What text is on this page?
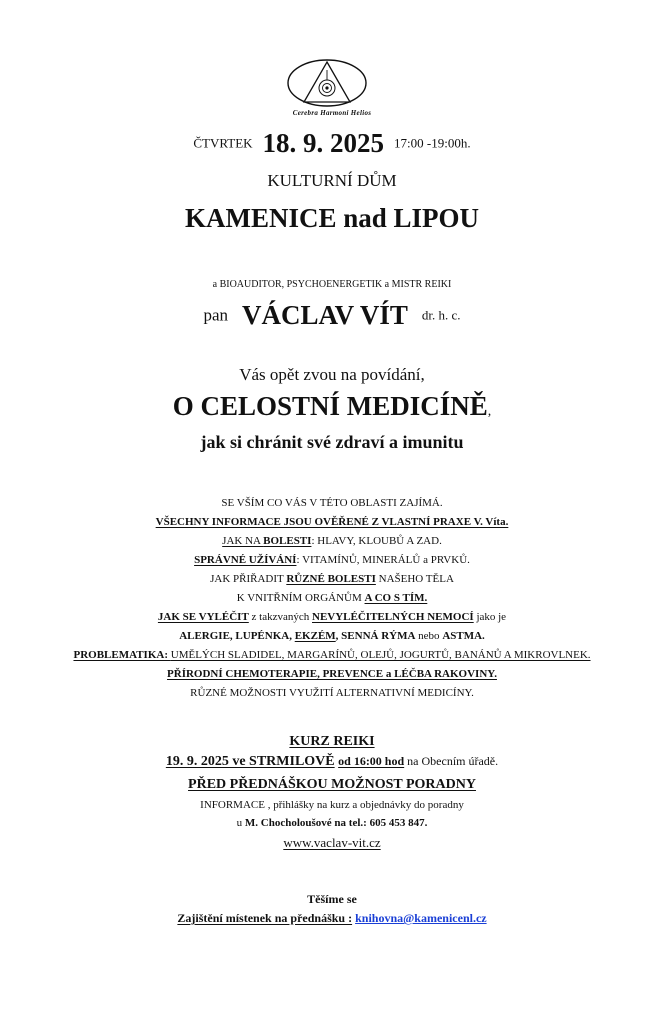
Cerebra Harmoni Helios
ČTVRTEK 18. 9. 2025 17:00 -19:00h.
KULTURNÍ DŮM
KAMENICE nad LIPOU
a BIOAUDITOR, PSYCHOENERGETIK a MISTR REIKI
pan VÁCLAV VÍT dr. h. c.
Vás opět zvou na povídání,
O CELOSTNÍ MEDICÍNĚ,
jak si chránit své zdraví a imunitu
SE VŠÍM CO VÁS V TÉTO OBLASTI ZAJÍMÁ.
VŠECHNY INFORMACE JSOU OVĚŘENÉ Z VLASTNÍ PRAXE V. Víta.
JAK NA BOLESTI: HLAVY, KLOUBŮ A ZAD.
SPRÁVNÉ UŽÍVÁNÍ: VITAMÍNŮ, MINERÁLŮ a PRVKŮ.
JAK PŘIŘADIT RŮZNÉ BOLESTI NAŠEHO TĚLA
K VNITŘNÍM ORGÁNŮM A CO S TÍM.
JAK SE VYLÉČIT z takzvaných NEVYLÉČITELNÝCH NEMOCÍ jako je
ALERGIE, LUPÉNKA, EKZÉM, SENNÁ RÝMA nebo ASTMA.
PROBLEMATIKA: UMĚLÝCH SLADIDEL, MARGARÍNŮ, OLEJŮ, JOGURTŮ, BANÁNŮ A MIKROVLNEK.
PŘÍRODNÍ CHEMOTERAPIE, PREVENCE a LÉČBA RAKOVINY.
RŮZNÉ MOŽNOSTI VYUŽITÍ ALTERNATIVNÍ MEDICÍNY.
KURZ REIKI
19. 9. 2025 ve STRMILOVĚ od 16:00 hod na Obecním úřadě.
PŘED PŘEDNÁŠKOU MOŽNOST PORADNY
INFORMACE , přihlášky na kurz a objednávky do poradny
u M. Chocholoušové na tel.: 605 453 847.
www.vaclav-vit.cz
Těšíme se
Zajištění místenek na přednášku : knihovna@kamenicenl.cz
